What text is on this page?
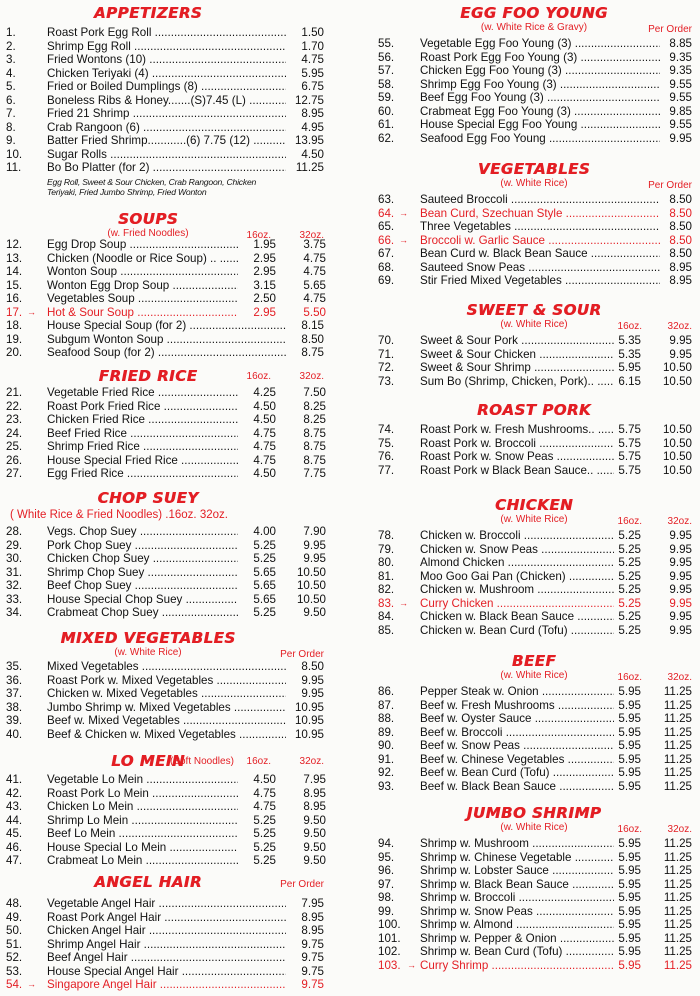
APPETIZERS
1.	Roast Pork Egg Roll .....	1.50
2.	Shrimp Egg Roll .....	1.70
3.	Fried Wontons (10) .....	4.75
4.	Chicken Teriyaki (4) .....	5.95
5.	Fried or Boiled Dumplings (8) .....	6.75
6.	Boneless Ribs & Honey.......(S)7.45 (L) .....	12.75
7.	Fried 21 Shrimp .....	8.95
8.	Crab Rangoon (6) .....	4.95
9.	Batter Fried Shrimp............(6) 7.75 (12) .....	13.95
10. Sugar Rolls .....	4.50
11. Bo Bo Platter (for 2) .....	11.25
Egg Roll, Sweet & Sour Chicken, Crab Rangoon, Chicken Teriyaki, Fried Jumbo Shrimp, Fried Wonton
SOUPS
(w. Fried Noodles)	16oz.	32oz.
12. Egg Drop Soup .....	1.95 3.75
13. Chicken (Noodle or Rice Soup) .. .....	2.95 4.75
14. Wonton Soup .....	2.95 4.75
15. Wonton Egg Drop Soup .....	3.15 5.65
16. Vegetables Soup .....	2.50 4.75
17. → Hot & Sour Soup .....	2.95 5.50
18. House Special Soup (for 2) .....	8.15
19. Subgum Wonton Soup .....	8.50
20. Seafood Soup (for 2) .....	8.75
FRIED RICE	16oz.	32oz.
21. Vegetable Fried Rice .....	4.25 7.50
22. Roast Pork Fried Rice .....	4.50 8.25
23. Chicken Fried Rice .....	4.50 8.25
24. Beef Fried Rice .....	4.75 8.75
25. Shrimp Fried Rice .....	4.75 8.75
26. House Special Fried Rice .....	4.75 8.75
27. Egg Fried Rice .....	4.50 7.75
CHOP SUEY
( White Rice & Fried Noodles) .16oz. 32oz.
28. Vegs. Chop Suey .....	4.00 7.90
29. Pork Chop Suey .....	5.25 9.95
30. Chicken Chop Suey .....	5.25 9.95
31. Shrimp Chop Suey .....	5.65 10.50
32. Beef Chop Suey .....	5.65 10.50
33. House Special Chop Suey .....	5.65 10.50
34. Crabmeat Chop Suey .....	5.25 9.50
MIXED VEGETABLES
(w. White Rice)	Per Order
35. Mixed Vegetables .....	8.50
36. Roast Pork w. Mixed Vegetables .....	9.95
37. Chicken w. Mixed Vegetables .....	9.95
38. Jumbo Shrimp w. Mixed Vegetables .....	10.95
39. Beef w. Mixed Vegetables .....	10.95
40. Beef & Chicken w. Mixed Vegetables .....	10.95
LO MEIN
(Soft Noodles) 16oz.	32oz.
41. Vegetable Lo Mein .....	4.50 7.95
42. Roast Pork Lo Mein .....	4.75 8.95
43. Chicken Lo Mein .....	4.75 8.95
44. Shrimp Lo Mein .....	5.25 9.50
45. Beef Lo Mein .....	5.25 9.50
46. House Special Lo Mein .....	5.25 9.50
47. Crabmeat Lo Mein .....	5.25 9.50
ANGEL HAIR	Per Order
48. Vegetable Angel Hair .....	7.95
49. Roast Pork Angel Hair .....	8.95
50. Chicken Angel Hair .....	8.95
51. Shrimp Angel Hair .....	9.75
52. Beef Angel Hair .....	9.75
53. House Special Angel Hair .....	9.75
54. → Singapore Angel Hair .....	9.75
EGG FOO YOUNG
(w. White Rice & Gravy)	Per Order
55. Vegetable Egg Foo Young (3) .....	8.85
56. Roast Pork Egg Foo Young (3) .....	9.35
57. Chicken Egg Foo Young (3) .....	9.35
58. Shrimp Egg Foo Young (3) .....	9.55
59. Beef Egg Foo Young (3) .....	9.55
60. Crabmeat Egg Foo Young (3) .....	9.85
61. House Special Egg Foo Young .....	9.55
62. Seafood Egg Foo Young .....	9.95
VEGETABLES
(w. White Rice)	Per Order
63. Sauteed Broccoli .....	8.50
64. → Bean Curd, Szechuan Style .....	8.50
65. Three Vegetables .....	8.50
66. → Broccoli w. Garlic Sauce .....	8.50
67. Bean Curd w. Black Bean Sauce .....	8.50
68. Sauteed Snow Peas .....	8.95
69. Stir Fried Mixed Vegetables .....	8.95
SWEET & SOUR
(w. White Rice)	16oz.	32oz.
70. Sweet & Sour Pork .....	5.35 9.95
71. Sweet & Sour Chicken .....	5.35 9.95
72. Sweet & Sour Shrimp .....	5.95 10.50
73. Sum Bo (Shrimp, Chicken, Pork).. .....	6.15 10.50
ROAST PORK
74. Roast Pork w. Fresh Mushrooms.. .....	5.75 10.50
75. Roast Pork w. Broccoli .....	5.75 10.50
76. Roast Pork w. Snow Peas .....	5.75 10.50
77. Roast Pork w Black Bean Sauce.. .....	5.75 10.50
CHICKEN
(w. White Rice)	16oz.	32oz.
78. Chicken w. Broccoli .....	5.25 9.95
79. Chicken w. Snow Peas .....	5.25 9.95
80. Almond Chicken .....	5.25 9.95
81. Moo Goo Gai Pan (Chicken) .....	5.25 9.95
82. Chicken w. Mushroom .....	5.25 9.95
83. → Curry Chicken .....	5.25 9.95
84. Chicken w. Black Bean Sauce .....	5.25 9.95
85. Chicken w. Bean Curd (Tofu) .....	5.25 9.95
BEEF
(w. White Rice)	16oz.	32oz.
86. Pepper Steak w. Onion .....	5.95 11.25
87. Beef w. Fresh Mushrooms .....	5.95 11.25
88. Beef w. Oyster Sauce .....	5.95 11.25
89. Beef w. Broccoli .....	5.95 11.25
90. Beef w. Snow Peas .....	5.95 11.25
91. Beef w. Chinese Vegetables .....	5.95 11.25
92. Beef w. Bean Curd (Tofu) .....	5.95 11.25
93. Beef w. Black Bean Sauce .....	5.95 11.25
JUMBO SHRIMP
(w. White Rice)	16oz.	32oz.
94. Shrimp w. Mushroom .....	5.95 11.25
95. Shrimp w. Chinese Vegetable .....	5.95 11.25
96. Shrimp w. Lobster Sauce .....	5.95 11.25
97. Shrimp w. Black Bean Sauce .....	5.95 11.25
98. Shrimp w. Broccoli .....	5.95 11.25
99. Shrimp w. Snow Peas .....	5.95 11.25
100. Shrimp w. Almond .....	5.95 11.25
101. Shrimp w. Pepper & Onion .....	5.95 11.25
102. Shrimp w. Bean Curd (Tofu) .....	5.95 11.25
103. → Curry Shrimp .....	5.95 11.25
